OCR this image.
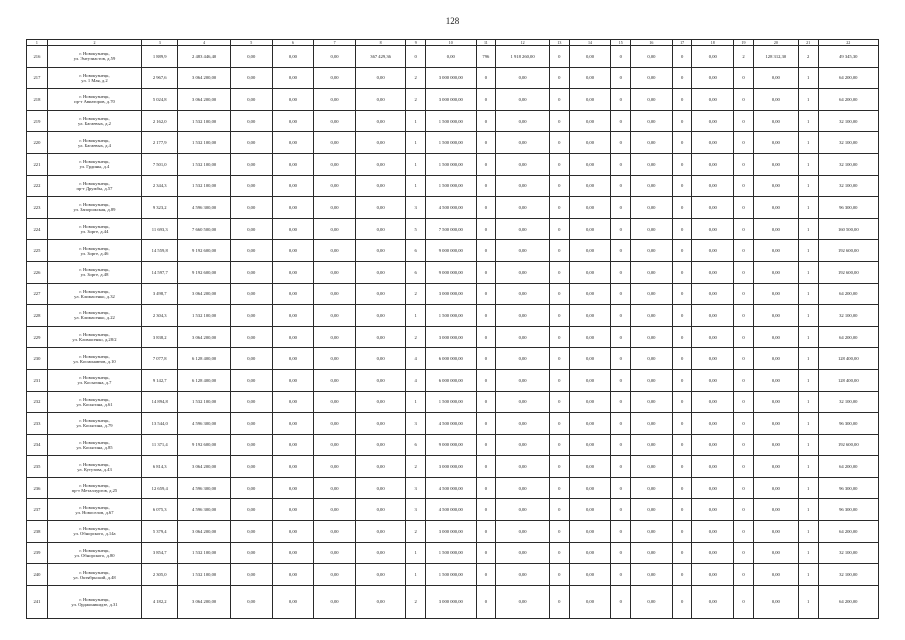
128
1	2	3	4	5	6	7	8	9	10	11	12	13	14	15	16	17	18	19	20	21	22
216	г. Новокузнецк,
ул. Энтузиастов, д.59	1 889,9	2 483 446,40	0,00	0,00	0,00	367 429,36	0	0,00	796	1 918 260,00	0	0,00	0	0,00	0	0,00	2	128 312,30	2	49 345,30
217	г. Новокузнецк,
ул. 1 Мая, д.2	2 967,6	3 064 200,00	0,00	0,00	0,00	0,00	2	3 000 000,00	0	0,00	0	0,00	0	0,00	0	0,00	0	0,00	1	64 200,00
218	г. Новокузнецк,
пр-т Авиаторов, д.70	5 024,8	3 064 200,00	0,00	0,00	0,00	0,00	2	3 000 000,00	0	0,00	0	0,00	0	0,00	0	0,00	0	0,00	1	64 200,00
219	г. Новокузнецк,
ул. Багаевых, д.2	2 162,0	1 532 100,00	0,00	0,00	0,00	0,00	1	1 500 000,00	0	0,00	0	0,00	0	0,00	0	0,00	0	0,00	1	32 100,00
220	г. Новокузнецк,
ул. Багаевых, д.4	2 177,9	1 532 100,00	0,00	0,00	0,00	0,00	1	1 500 000,00	0	0,00	0	0,00	0	0,00	0	0,00	0	0,00	1	32 100,00
221	г. Новокузнецк,
ул. Грдины, д.4	7 501,0	1 532 100,00	0,00	0,00	0,00	0,00	1	1 500 000,00	0	0,00	0	0,00	0	0,00	0	0,00	0	0,00	1	32 100,00
222	г. Новокузнецк,
пр-т Дружбы, д.57	2 344,3	1 532 100,00	0,00	0,00	0,00	0,00	1	1 500 000,00	0	0,00	0	0,00	0	0,00	0	0,00	0	0,00	1	32 100,00
223	г. Новокузнецк,
ул. Запорожская, д.89	9 323,2	4 596 300,00	0,00	0,00	0,00	0,00	3	4 500 000,00	0	0,00	0	0,00	0	0,00	0	0,00	0	0,00	1	96 300,00
224	г. Новокузнецк,
ул. Зорге, д.44	11 693,3	7 660 500,00	0,00	0,00	0,00	0,00	5	7 500 000,00	0	0,00	0	0,00	0	0,00	0	0,00	0	0,00	1	160 500,00
225	г. Новокузнецк,
ул. Зорге, д.46	14 559,8	9 192 600,00	0,00	0,00	0,00	0,00	6	9 000 000,00	0	0,00	0	0,00	0	0,00	0	0,00	0	0,00	1	192 600,00
226	г. Новокузнецк,
ул. Зорге, д.48	14 597,7	9 192 600,00	0,00	0,00	0,00	0,00	6	9 000 000,00	0	0,00	0	0,00	0	0,00	0	0,00	0	0,00	1	192 600,00
227	г. Новокузнецк,
ул. Климасенко, д.32	3 498,7	3 064 200,00	0,00	0,00	0,00	0,00	2	3 000 000,00	0	0,00	0	0,00	0	0,00	0	0,00	0	0,00	1	64 200,00
228	г. Новокузнецк,
ул. Климасенко, д.22	2 304,3	1 532 100,00	0,00	0,00	0,00	0,00	1	1 500 000,00	0	0,00	0	0,00	0	0,00	0	0,00	0	0,00	1	32 100,00
229	г. Новокузнецк,
ул. Климасенко, д.28/2	3 838,2	3 064 200,00	0,00	0,00	0,00	0,00	2	3 000 000,00	0	0,00	0	0,00	0	0,00	0	0,00	0	0,00	1	64 200,00
230	г. Новокузнецк,
ул. Космонавтов, д.10	7 077,8	6 128 400,00	0,00	0,00	0,00	0,00	4	6 000 000,00	0	0,00	0	0,00	0	0,00	0	0,00	0	0,00	1	128 400,00
231	г. Новокузнецк,
ул. Косыгина, д.7	9 142,7	6 128 400,00	0,00	0,00	0,00	0,00	4	6 000 000,00	0	0,00	0	0,00	0	0,00	0	0,00	0	0,00	1	128 400,00
232	г. Новокузнецк,
ул. Косыгина, д.61	14 894,8	1 532 100,00	0,00	0,00	0,00	0,00	1	1 500 000,00	0	0,00	0	0,00	0	0,00	0	0,00	0	0,00	1	32 100,00
233	г. Новокузнецк,
ул. Косыгина, д.79	13 544,0	4 596 300,00	0,00	0,00	0,00	0,00	3	4 500 000,00	0	0,00	0	0,00	0	0,00	0	0,00	0	0,00	1	96 300,00
234	г. Новокузнецк,
ул. Косыгина, д.85	11 371,4	9 192 600,00	0,00	0,00	0,00	0,00	6	9 000 000,00	0	0,00	0	0,00	0	0,00	0	0,00	0	0,00	1	192 600,00
235	г. Новокузнецк,
ул. Кутузова, д.43	6 814,3	3 064 200,00	0,00	0,00	0,00	0,00	2	3 000 000,00	0	0,00	0	0,00	0	0,00	0	0,00	0	0,00	1	64 200,00
236	г. Новокузнецк,
пр-т Металлургов, д.25	12 659,4	4 596 300,00	0,00	0,00	0,00	0,00	3	4 500 000,00	0	0,00	0	0,00	0	0,00	0	0,00	0	0,00	1	96 300,00
237	г. Новокузнецк,
ул. Новоселов, д.67	6 075,3	4 596 300,00	0,00	0,00	0,00	0,00	3	4 500 000,00	0	0,00	0	0,00	0	0,00	0	0,00	0	0,00	1	96 300,00
238	г. Новокузнецк,
ул. Обнорского, д.14а	5 379,4	3 064 200,00	0,00	0,00	0,00	0,00	2	3 000 000,00	0	0,00	0	0,00	0	0,00	0	0,00	0	0,00	1	64 200,00
239	г. Новокузнецк,
ул. Обнорского, д.80	3 854,7	1 532 100,00	0,00	0,00	0,00	0,00	1	1 500 000,00	0	0,00	0	0,00	0	0,00	0	0,00	0	0,00	1	32 100,00
240	г. Новокузнецк,
ул. Октябрьский, д.48	2 305,0	1 532 100,00	0,00	0,00	0,00	0,00	1	1 500 000,00	0	0,00	0	0,00	0	0,00	0	0,00	0	0,00	1	32 100,00
241	г. Новокузнецк,
ул. Орджоникидзе, д.31	4 182,2	3 064 200,00	0,00	0,00	0,00	0,00	2	3 000 000,00	0	0,00	0	0,00	0	0,00	0	0,00	0	0,00	1	64 200,00
